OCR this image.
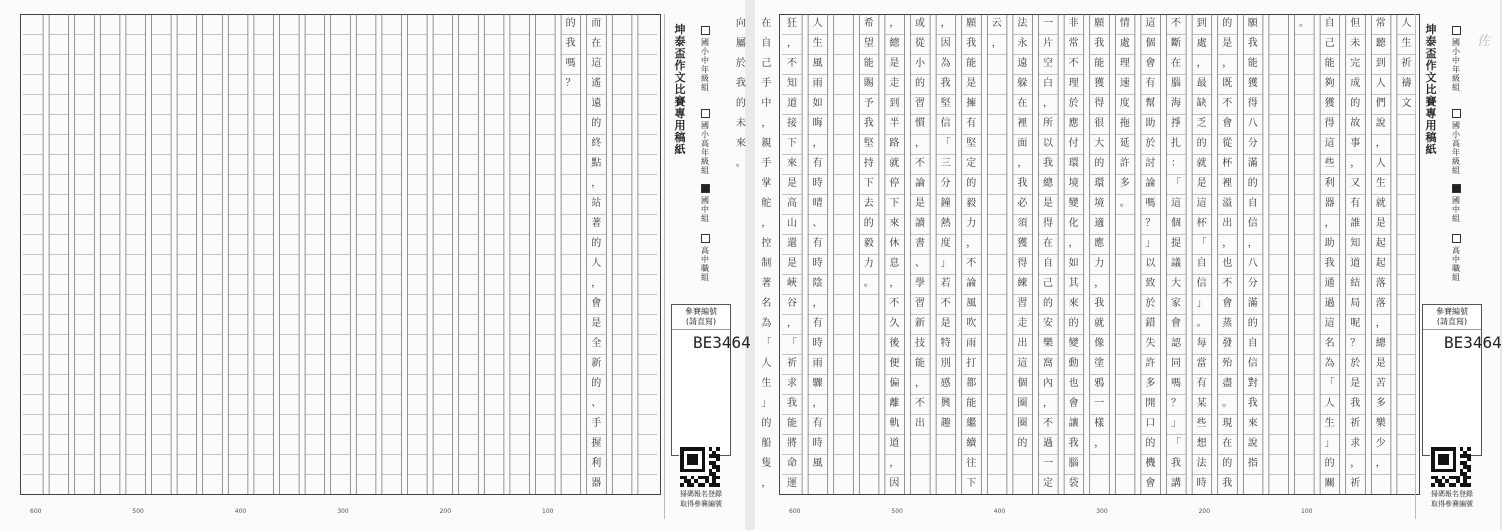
而
在
這
遙
遠
的
終
點
，
站
著
的
人
，
會
是
全
新
的
、
手
握
利
器
的
我
嗎
？
600	500	400	300	200	100
坤泰盃作文比賽專用稿紙
國小中年級組
國小高年級組
國中組
高中職組
參賽編號
(請直寫)
BE3464
掃碼報名登錄
取得參賽編號
人
生
祈
禱
文
常
聽
到
人
們
說
，
人
生
就
是
起
起
落
落
，
總
是
苦
多
樂
少
，
但
未
完
成
的
故
事
，
又
有
誰
知
道
結
局
呢
？
於
是
我
祈
求
，
祈
自
己
能
夠
獲
得
這
些
利
器
，
助
我
通
過
這
名
為
「
人
生
」
的
關
。
願
我
能
獲
得
八
分
滿
的
自
信
，
八
分
滿
的
自
信
對
我
來
說
指
的
是
，
既
不
會
從
杯
裡
溢
出
，
也
不
會
蒸
發
殆
盡
。
現
在
的
我
到
處
，
最
缺
乏
的
就
是
這
杯
「
自
信
」
。
每
當
有
某
些
想
法
時
不
斷
在
腦
海
掙
扎
：
「
這
個
提
議
大
家
會
認
同
嗎
？
」
「
我
講
這
個
會
有
幫
助
於
討
論
嗎
？
」
以
致
於
錯
失
許
多
開
口
的
機
會
情
處
理
速
度
拖
延
許
多
。
願
我
能
獲
得
很
大
的
環
境
適
應
力
，
我
就
像
塗
鴉
一
樣
，
非
常
不
理
於
應
付
環
境
變
化
，
如
其
來
的
變
動
也
會
讓
我
腦
袋
一
片
空
白
，
所
以
我
總
是
得
在
自
己
的
安
樂
窩
內
，
不
過
一
定
法
永
遠
躲
在
裡
面
，
我
必
須
獲
得
練
習
走
出
這
個
圈
圈
的
云
，
願
我
能
是
擁
有
堅
定
的
毅
力
，
不
論
風
吹
雨
打
都
能
繼
續
往
下
，
因
為
我
堅
信
「
三
分
鐘
熱
度
」
若
不
是
特
別
感
興
趣
或
從
小
的
習
慣
，
不
論
是
讀
書
、
學
習
新
技
能
，
不
出
，
總
是
走
到
半
路
就
停
下
來
休
息
，
不
久
後
便
偏
離
軌
道
，
因
希
望
能
賜
予
我
堅
持
下
去
的
毅
力
。
人
生
風
雨
如
晦
，
有
時
晴
、
有
時
陰
，
有
時
雨
驟
，
有
時
風
狂
，
不
知
道
接
下
來
是
高
山
還
是
峽
谷
，
「
祈
求
我
能
將
命
運
在
自
己
手
中
，
親
手
掌
舵
，
控
制
著
名
為
「
人
生
」
的
船
隻
，
向
屬
於
我
的
未
來
。
600	500	400	300	200	100
佐
坤泰盃作文比賽專用稿紙
國小中年級組
國小高年級組
國中組
高中職組
參賽編號
(請直寫)
BE3464
掃碼報名登錄
取得參賽編號
